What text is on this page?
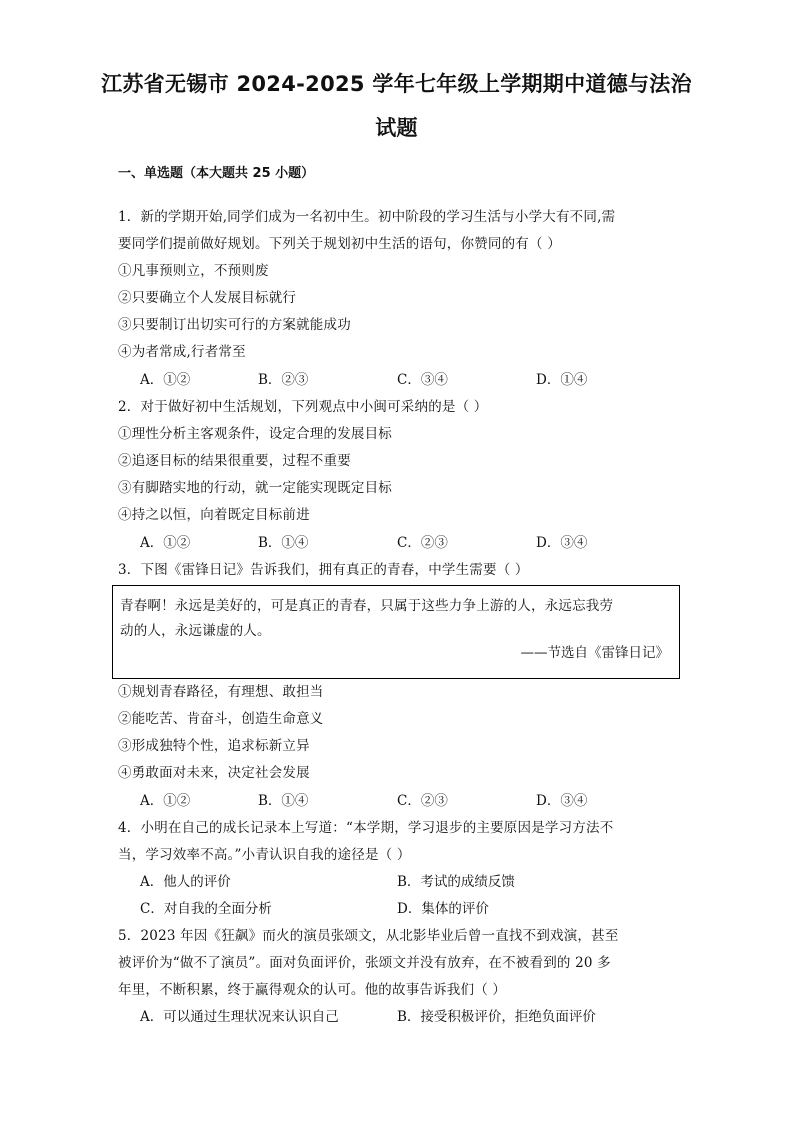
江苏省无锡市 2024-2025 学年七年级上学期期中道德与法治
试题
一、单选题（本大题共 25 小题）
1．新的学期开始,同学们成为一名初中生。初中阶段的学习生活与小学大有不同,需
要同学们提前做好规划。下列关于规划初中生活的语句，你赞同的有（ ）
①凡事预则立，不预则废
②只要确立个人发展目标就行
③只要制订出切实可行的方案就能成功
④为者常成,行者常至
A．①②	B．②③	C．③④	D．①④
2．对于做好初中生活规划，下列观点中小闽可采纳的是（ ）
①理性分析主客观条件，设定合理的发展目标
②追逐目标的结果很重要，过程不重要
③有脚踏实地的行动，就一定能实现既定目标
④持之以恒，向着既定目标前进
A．①②	B．①④	C．②③	D．③④
3．下图《雷锋日记》告诉我们，拥有真正的青春，中学生需要（ ）
青春啊！永远是美好的，可是真正的青春，只属于这些力争上游的人，永远忘我劳
动的人，永远谦虚的人。
——节选自《雷锋日记》
①规划青春路径，有理想、敢担当
②能吃苦、肯奋斗，创造生命意义
③形成独特个性，追求标新立异
④勇敢面对未来，决定社会发展
A．①②	B．①④	C．②③	D．③④
4．小明在自己的成长记录本上写道：“本学期，学习退步的主要原因是学习方法不
当，学习效率不高。”小青认识自我的途径是（ ）
A．他人的评价	B．考试的成绩反馈
C．对自我的全面分析	D．集体的评价
5．2023 年因《狂飙》而火的演员张颂文，从北影毕业后曾一直找不到戏演，甚至
被评价为“做不了演员”。面对负面评价，张颂文并没有放弃，在不被看到的 20 多
年里，不断积累，终于赢得观众的认可。他的故事告诉我们（ ）
A．可以通过生理状况来认识自己	B．接受积极评价，拒绝负面评价
